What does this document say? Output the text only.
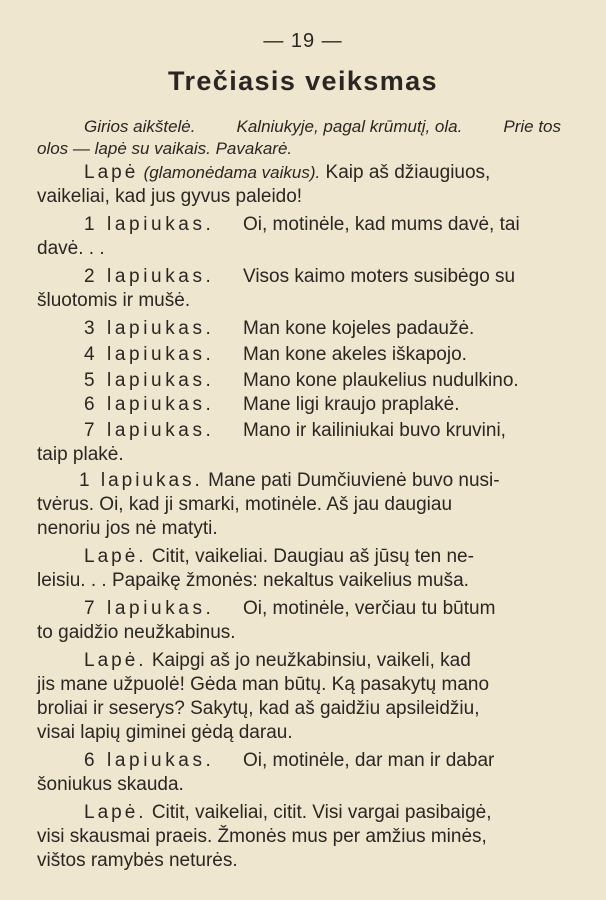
— 19 —
Trečiasis veiksmas
Girios aikštelė. Kalniukyje, pagal krūmutį, ola. Prie tos
olos — lapė su vaikais. Pavakarė.
Lapė (glamonėdama vaikus). Kaip aš džiaugiuos,
vaikeliai, kad jus gyvus paleido!
1 lapiukas. Oi, motinėle, kad mums davė, tai
davė. . .
2 lapiukas. Visos kaimo moters susibėgo su
šluotomis ir mušė.
3 lapiukas. Man kone kojeles padaužė.
4 lapiukas. Man kone akeles iškapojo.
5 lapiukas. Mano kone plaukelius nudulkino.
6 lapiukas. Mane ligi kraujo praplakė.
7 lapiukas. Mano ir kailiniukai buvo kruvini,
taip plakė.
1 lapiukas. Mane pati Dumčiuvienė buvo nusi-
tvėrus. Oi, kad ji smarki, motinėle. Aš jau daugiau
nenoriu jos nė matyti.
Lapė. Citit, vaikeliai. Daugiau aš jūsų ten ne-
leisiu. . . Papaikę žmonės: nekaltus vaikelius muša.
7 lapiukas. Oi, motinėle, verčiau tu būtum
to gaidžio neužkabinus.
Lapė. Kaipgi aš jo neužkabinsiu, vaikeli, kad
jis mane užpuolė! Gėda man būtų. Ką pasakytų mano
broliai ir seserys? Sakytų, kad aš gaidžiu apsileidžiu,
visai lapių giminei gėdą darau.
6 lapiukas. Oi, motinėle, dar man ir dabar
šoniukus skauda.
Lapė. Citit, vaikeliai, citit. Visi vargai pasibaigė,
visi skausmai praeis. Žmonės mus per amžius minės,
vištos ramybės neturės.
